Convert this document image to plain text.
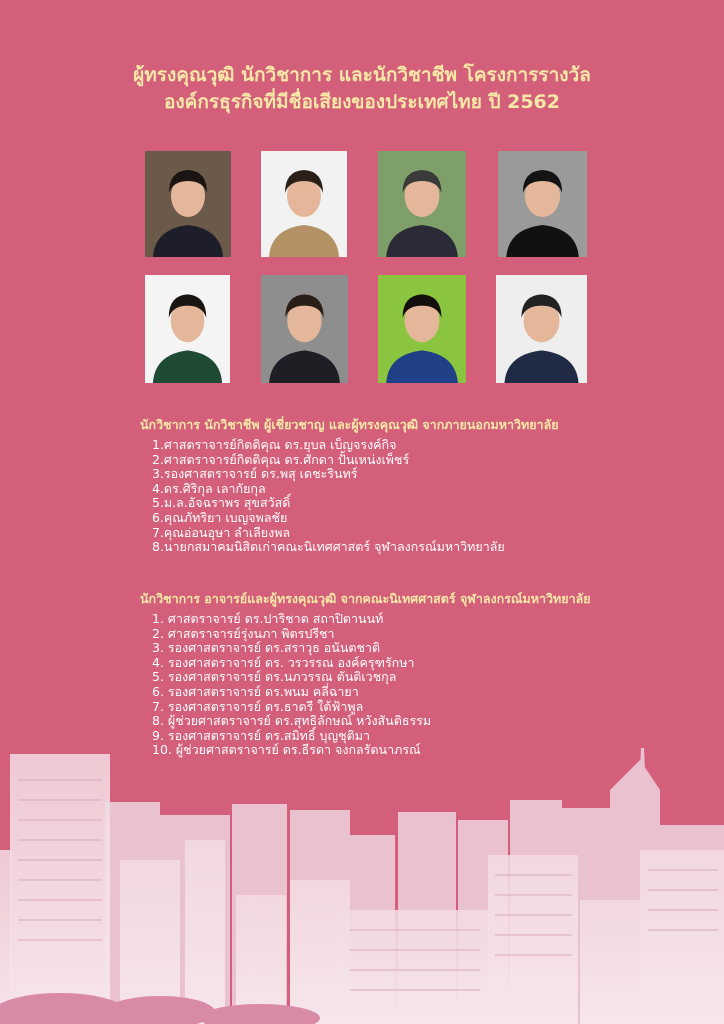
ผู้ทรงคุณวุฒิ นักวิชาการ และนักวิชาชีพ โครงการรางวัล
องค์กรธุรกิจที่มีชื่อเสียงของประเทศไทย ปี 2562
นักวิชาการ นักวิชาชีพ ผู้เชี่ยวชาญ และผู้ทรงคุณวุฒิ จากภายนอกมหาวิทยาลัย
1.ศาสตราจารย์กิตติคุณ ดร.ยุบล เบ็ญจรงค์กิจ
2.ศาสตราจารย์กิตติคุณ ดร.ศักดา ปั้นเหน่งเพ็ชร์
3.รองศาสตราจารย์ ดร.พสุ เดชะรินทร์
4.ดร.ศิริกุล เลากัยกุล
5.ม.ล.อัจฉราพร สุขสวัสดิ์
6.คุณภัทริยา เบญจพลชัย
7.คุณอ่อนอุษา ลำเลียงพล
8.นายกสมาคมนิสิตเก่าคณะนิเทศศาสตร์ จุฬาลงกรณ์มหาวิทยาลัย
นักวิชาการ อาจารย์และผู้ทรงคุณวุฒิ จากคณะนิเทศศาสตร์ จุฬาลงกรณ์มหาวิทยาลัย
1. ศาสตราจารย์ ดร.ปาริชาต สถาปิตานนท์
2. ศาสตราจารย์รุ่งนภา พิตรปรีชา
3. รองศาสตราจารย์ ดร.สราวุธ อนันตชาติ
4. รองศาสตราจารย์ ดร. วรวรรณ องค์ครุฑรักษา
5. รองศาสตราจารย์ ดร.นภวรรณ ตันติเวชกุล
6. รองศาสตราจารย์ ดร.พนม คลี่ฉายา
7. รองศาสตราจารย์ ดร.ธาตรี ใต้ฟ้าพูล
8. ผู้ช่วยศาสตราจารย์ ดร.สุทธิลักษณ์ หวังสันติธรรม
9. รองศาสตราจารย์ ดร.สมิทธิ์ บุญชุติมา
10. ผู้ช่วยศาสตราจารย์ ดร.ธีรดา จงกลรัตนาภรณ์
